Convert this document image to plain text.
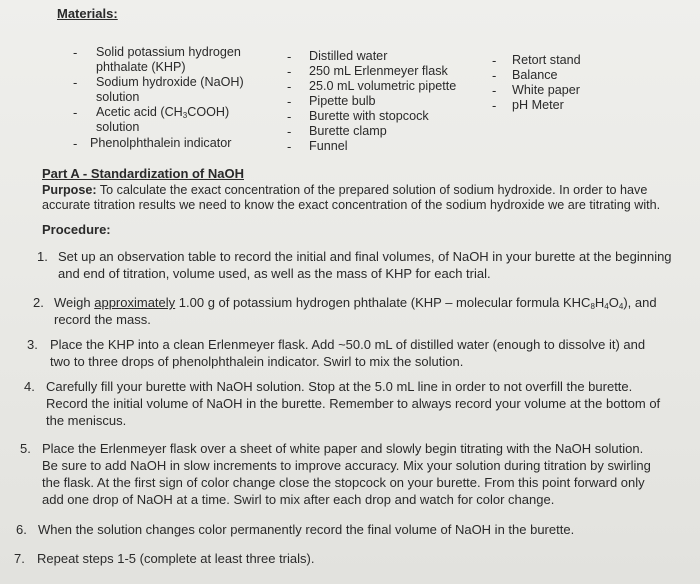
Materials:
- Solid potassium hydrogen
phthalate (KHP)
- Sodium hydroxide (NaOH)
solution
- Acetic acid $(CH_3COOH)$
solution
- Phenolphthalein indicator
- Distilled water
- 250 mL Erlenmeyer flask
- 25.0 mL volumetric pipette
- Pipette bulb
- Burette with stopcock
- Burette clamp
- Funnel
- Retort stand
- Balance
- White paper
- pH Meter
Part A - Standardization of NaOH
Purpose: To calculate the exact concentration of the prepared solution of sodium hydroxide. In order to have
accurate titration results we need to know the exact concentration of the sodium hydroxide we are titrating with.
Procedure:
1. Set up an observation table to record the initial and final volumes, of NaOH in your burette at the beginning
and end of titration, volume used, as well as the mass of KHP for each trial.
2. Weigh approximately 1.00 g of potassium hydrogen phthalate (KHP – molecular formula $KHC_8H_4O_4$), and
record the mass.
3. Place the KHP into a clean Erlenmeyer flask. Add ~50.0 mL of distilled water (enough to dissolve it) and
two to three drops of phenolphthalein indicator. Swirl to mix the solution.
4. Carefully fill your burette with NaOH solution. Stop at the 5.0 mL line in order to not overfill the burette.
Record the initial volume of NaOH in the burette. Remember to always record your volume at the bottom of
the meniscus.
5. Place the Erlenmeyer flask over a sheet of white paper and slowly begin titrating with the NaOH solution.
Be sure to add NaOH in slow increments to improve accuracy. Mix your solution during titration by swirling
the flask. At the first sign of color change close the stopcock on your burette. From this point forward only
add one drop of NaOH at a time. Swirl to mix after each drop and watch for color change.
6. When the solution changes color permanently record the final volume of NaOH in the burette.
7. Repeat steps 1-5 (complete at least three trials).
